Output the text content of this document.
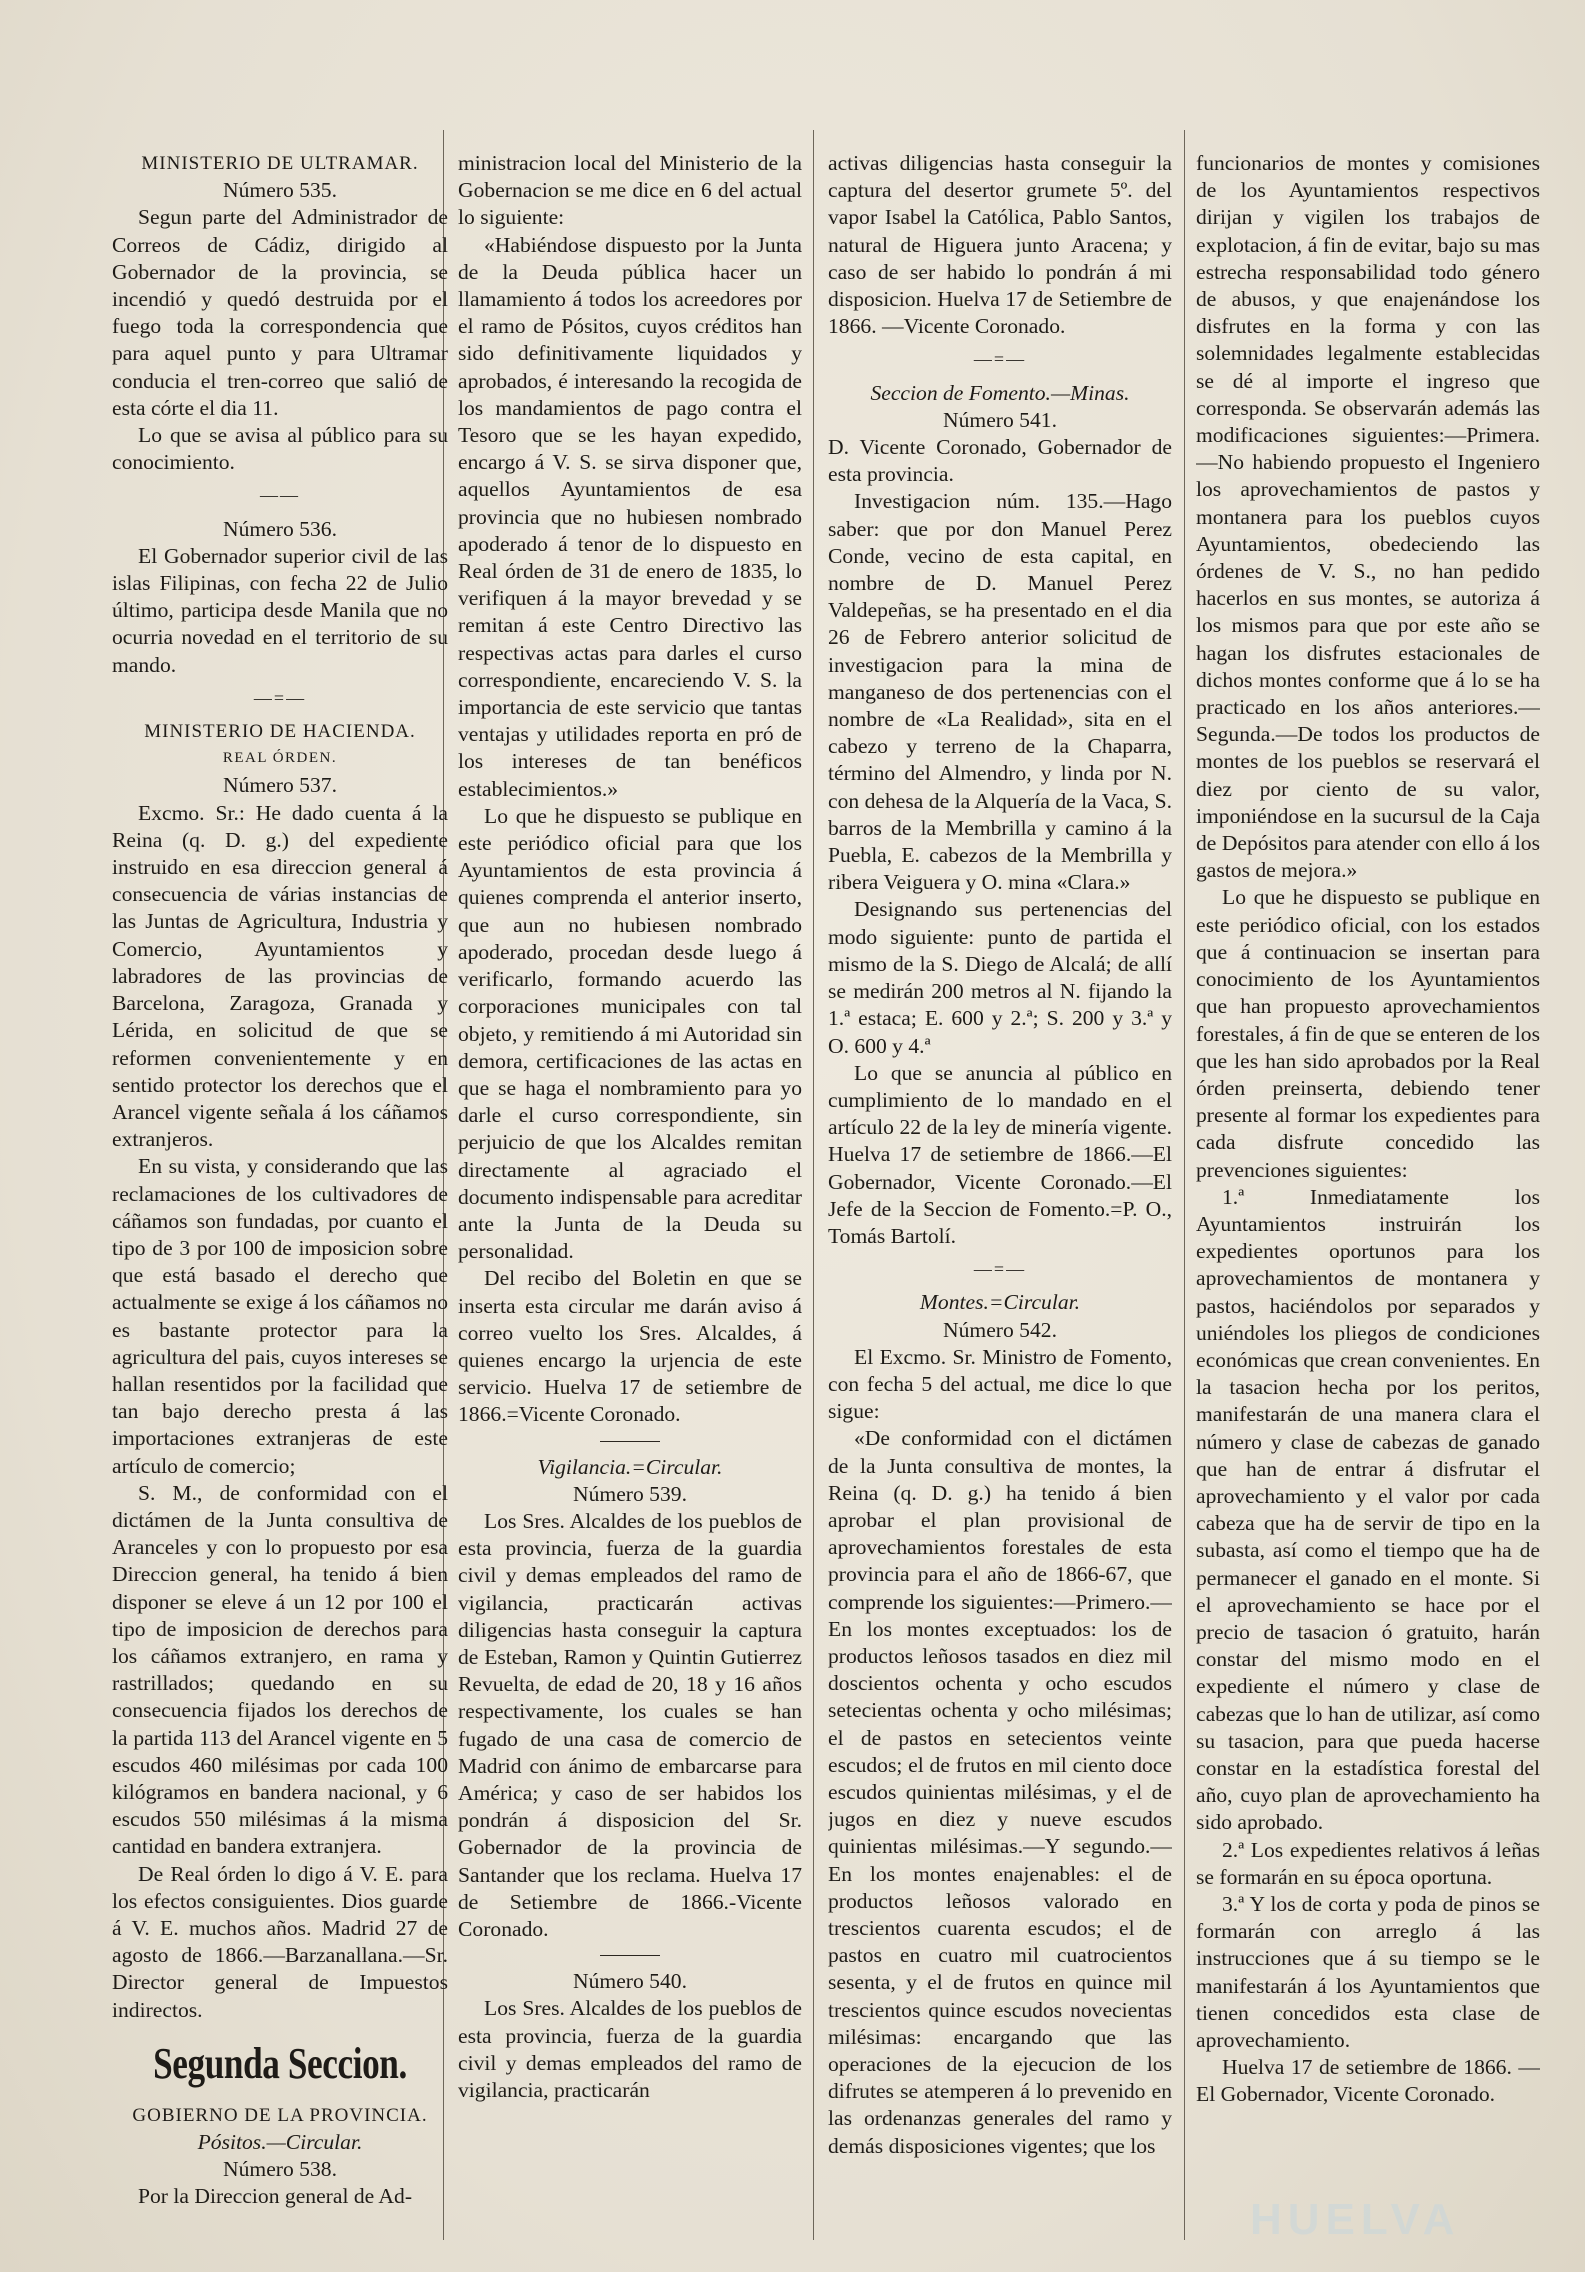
MINISTERIO DE ULTRAMAR.
Número 535.

Segun parte del Administrador de Correos de Cádiz, dirigido al Gobernador de la provincia, se incendió y quedó destruida por el fuego toda la correspondencia que para aquel punto y para Ultramar conducia el tren-correo que salió de esta córte el dia 11.

Lo que se avisa al público para su conocimiento.

——
Número 536.

El Gobernador superior civil de las islas Filipinas, con fecha 22 de Julio último, participa desde Manila que no ocurria novedad en el territorio de su mando.

—=—
MINISTERIO DE HACIENDA.
REAL ÓRDEN.
Número 537.

Excmo. Sr.: He dado cuenta á la Reina (q. D. g.) del expediente instruido en esa direccion general á consecuencia de várias instancias de las Juntas de Agricultura, Industria y Comercio, Ayuntamientos y labradores de las provincias de Barcelona, Zaragoza, Granada y Lérida, en solicitud de que se reformen convenientemente y en sentido protector los derechos que el Arancel vigente señala á los cáñamos extranjeros.

En su vista, y considerando que las reclamaciones de los cultivadores de cáñamos son fundadas, por cuanto el tipo de 3 por 100 de imposicion sobre que está basado el derecho que actualmente se exige á los cáñamos no es bastante protector para la agricultura del pais, cuyos intereses se hallan resentidos por la facilidad que tan bajo derecho presta á las importaciones extranjeras de este artículo de comercio;

S. M., de conformidad con el dictámen de la Junta consultiva de Aranceles y con lo propuesto por esa Direccion general, ha tenido á bien disponer se eleve á un 12 por 100 el tipo de imposicion de derechos para los cáñamos extranjero, en rama y rastrillados; quedando en su consecuencia fijados los derechos de la partida 113 del Arancel vigente en 5 escudos 460 milésimas por cada 100 kilógramos en bandera nacional, y 6 escudos 550 milésimas á la misma cantidad en bandera extranjera.

De Real órden lo digo á V. E. para los efectos consiguientes. Dios guarde á V. E. muchos años. Madrid 27 de agosto de 1866.—Barzanallana.—Sr. Director general de Impuestos indirectos.

Segunda Seccion.
GOBIERNO DE LA PROVINCIA.
Pósitos.—Circular.
Número 538.

Por la Direccion general de Ad-

ministracion local del Ministerio de la Gobernacion se me dice en 6 del actual lo siguiente:

«Habiéndose dispuesto por la Junta de la Deuda pública hacer un llamamiento á todos los acreedores por el ramo de Pósitos, cuyos créditos han sido definitivamente liquidados y aprobados, é interesando la recogida de los mandamientos de pago contra el Tesoro que se les hayan expedido, encargo á V. S. se sirva disponer que, aquellos Ayuntamientos de esa provincia que no hubiesen nombrado apoderado á tenor de lo dispuesto en Real órden de 31 de enero de 1835, lo verifiquen á la mayor brevedad y se remitan á este Centro Directivo las respectivas actas para darles el curso correspondiente, encareciendo V. S. la importancia de este servicio que tantas ventajas y utilidades reporta en pró de los intereses de tan benéficos establecimientos.»

Lo que he dispuesto se publique en este periódico oficial para que los Ayuntamientos de esta provincia á quienes comprenda el anterior inserto, que aun no hubiesen nombrado apoderado, procedan desde luego á verificarlo, formando acuerdo las corporaciones municipales con tal objeto, y remitiendo á mi Autoridad sin demora, certificaciones de las actas en que se haga el nombramiento para yo darle el curso correspondiente, sin perjuicio de que los Alcaldes remitan directamente al agraciado el documento indispensable para acreditar ante la Junta de la Deuda su personalidad.

Del recibo del Boletin en que se inserta esta circular me darán aviso á correo vuelto los Sres. Alcaldes, á quienes encargo la urjencia de este servicio. Huelva 17 de setiembre de 1866.=Vicente Coronado.

Vigilancia.=Circular.
Número 539.

Los Sres. Alcaldes de los pueblos de esta provincia, fuerza de la guardia civil y demas empleados del ramo de vigilancia, practicarán activas diligencias hasta conseguir la captura de Esteban, Ramon y Quintin Gutierrez Revuelta, de edad de 20, 18 y 16 años respectivamente, los cuales se han fugado de una casa de comercio de Madrid con ánimo de embarcarse para América; y caso de ser habidos los pondrán á disposicion del Sr. Gobernador de la provincia de Santander que los reclama. Huelva 17 de Setiembre de 1866.-Vicente Coronado.

Número 540.

Los Sres. Alcaldes de los pueblos de esta provincia, fuerza de la guardia civil y demas empleados del ramo de vigilancia, practicarán

activas diligencias hasta conseguir la captura del desertor grumete 5º. del vapor Isabel la Católica, Pablo Santos, natural de Higuera junto Aracena; y caso de ser habido lo pondrán á mi disposicion. Huelva 17 de Setiembre de 1866. —Vicente Coronado.

—=—
Seccion de Fomento.—Minas.
Número 541.

D. Vicente Coronado, Gobernador de esta provincia.

Investigacion núm. 135.—Hago saber: que por don Manuel Perez Conde, vecino de esta capital, en nombre de D. Manuel Perez Valdepeñas, se ha presentado en el dia 26 de Febrero anterior solicitud de investigacion para la mina de manganeso de dos pertenencias con el nombre de «La Realidad», sita en el cabezo y terreno de la Chaparra, término del Almendro, y linda por N. con dehesa de la Alquería de la Vaca, S. barros de la Membrilla y camino á la Puebla, E. cabezos de la Membrilla y ribera Veiguera y O. mina «Clara.»

Designando sus pertenencias del modo siguiente: punto de partida el mismo de la S. Diego de Alcalá; de allí se medirán 200 metros al N. fijando la 1.ª estaca; E. 600 y 2.ª; S. 200 y 3.ª y O. 600 y 4.ª

Lo que se anuncia al público en cumplimiento de lo mandado en el artículo 22 de la ley de minería vigente. Huelva 17 de setiembre de 1866.—El Gobernador, Vicente Coronado.—El Jefe de la Seccion de Fomento.=P. O., Tomás Bartolí.

—=—
Montes.=Circular.
Número 542.

El Excmo. Sr. Ministro de Fomento, con fecha 5 del actual, me dice lo que sigue:

«De conformidad con el dictámen de la Junta consultiva de montes, la Reina (q. D. g.) ha tenido á bien aprobar el plan provisional de aprovechamientos forestales de esta provincia para el año de 1866-67, que comprende los siguientes:—Primero.—En los montes exceptuados: los de productos leñosos tasados en diez mil doscientos ochenta y ocho escudos setecientas ochenta y ocho milésimas; el de pastos en setecientos veinte escudos; el de frutos en mil ciento doce escudos quinientas milésimas, y el de jugos en diez y nueve escudos quinientas milésimas.—Y segundo.—En los montes enajenables: el de productos leñosos valorado en trescientos cuarenta escudos; el de pastos en cuatro mil cuatrocientos sesenta, y el de frutos en quince mil trescientos quince escudos novecientas milésimas: encargando que las operaciones de la ejecucion de los difrutes se atemperen á lo prevenido en las ordenanzas generales del ramo y demás disposiciones vigentes; que los

funcionarios de montes y comisiones de los Ayuntamientos respectivos dirijan y vigilen los trabajos de explotacion, á fin de evitar, bajo su mas estrecha responsabilidad todo género de abusos, y que enajenándose los disfrutes en la forma y con las solemnidades legalmente establecidas se dé al importe el ingreso que corresponda. Se observarán además las modificaciones siguientes:—Primera.—No habiendo propuesto el Ingeniero los aprovechamientos de pastos y montanera para los pueblos cuyos Ayuntamientos, obedeciendo las órdenes de V. S., no han pedido hacerlos en sus montes, se autoriza á los mismos para que por este año se hagan los disfrutes estacionales de dichos montes conforme que á lo se ha practicado en los años anteriores.—Segunda.—De todos los productos de montes de los pueblos se reservará el diez por ciento de su valor, imponiéndose en la sucursul de la Caja de Depósitos para atender con ello á los gastos de mejora.»

Lo que he dispuesto se publique en este periódico oficial, con los estados que á continuacion se insertan para conocimiento de los Ayuntamientos que han propuesto aprovechamientos forestales, á fin de que se enteren de los que les han sido aprobados por la Real órden preinserta, debiendo tener presente al formar los expedientes para cada disfrute concedido las prevenciones siguientes:

1.ª Inmediatamente los Ayuntamientos instruirán los expedientes oportunos para los aprovechamientos de montanera y pastos, haciéndolos por separados y uniéndoles los pliegos de condiciones económicas que crean convenientes. En la tasacion hecha por los peritos, manifestarán de una manera clara el número y clase de cabezas de ganado que han de entrar á disfrutar el aprovechamiento y el valor por cada cabeza que ha de servir de tipo en la subasta, así como el tiempo que ha de permanecer el ganado en el monte. Si el aprovechamiento se hace por el precio de tasacion ó gratuito, harán constar del mismo modo en el expediente el número y clase de cabezas que lo han de utilizar, así como su tasacion, para que pueda hacerse constar en la estadística forestal del año, cuyo plan de aprovechamiento ha sido aprobado.

2.ª Los expedientes relativos á leñas se formarán en su época oportuna.

3.ª Y los de corta y poda de pinos se formarán con arreglo á las instrucciones que á su tiempo se le manifestarán á los Ayuntamientos que tienen concedidos esta clase de aprovechamiento.

Huelva 17 de setiembre de 1866. —El Gobernador, Vicente Coronado.

HUELVA
